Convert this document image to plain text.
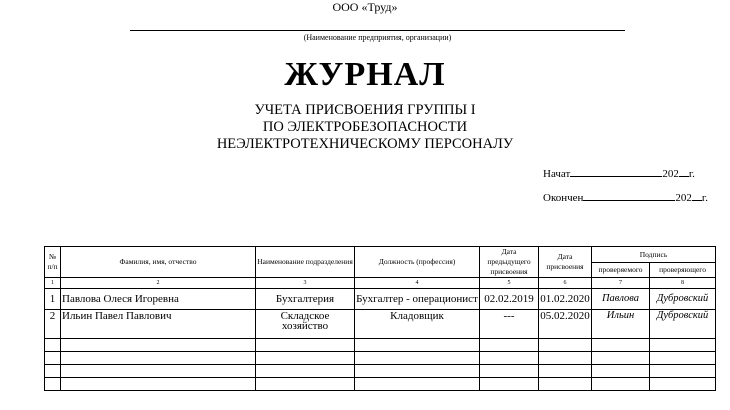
ООО «Труд»
(Наименование предприятия, организации)
ЖУРНАЛ
УЧЕТА ПРИСВОЕНИЯ ГРУППЫ I
ПО ЭЛЕКТРОБЕЗОПАСНОСТИ
НЕЭЛЕКТРОТЕХНИЧЕСКОМУ ПЕРСОНАЛУ
Начат	202 г.
Окончен	202 г.
№ п/п	Фамилия, имя, отчество	Наименование подразделения	Должность (профессия)	Дата предыдущего присвоения	Дата присвоения	Подпись	
						проверяемого	проверяющего
1	2	3	4	5	6	7	8
1	Павлова Олеся Игоревна	Бухгалтерия	Бухгалтер - операционист	02.02.2019	01.02.2020	Павлова	Дубровский
2	Ильин Павел Павлович	Складское хозяйство	Кладовщик	---	05.02.2020	Ильин	Дубровский
